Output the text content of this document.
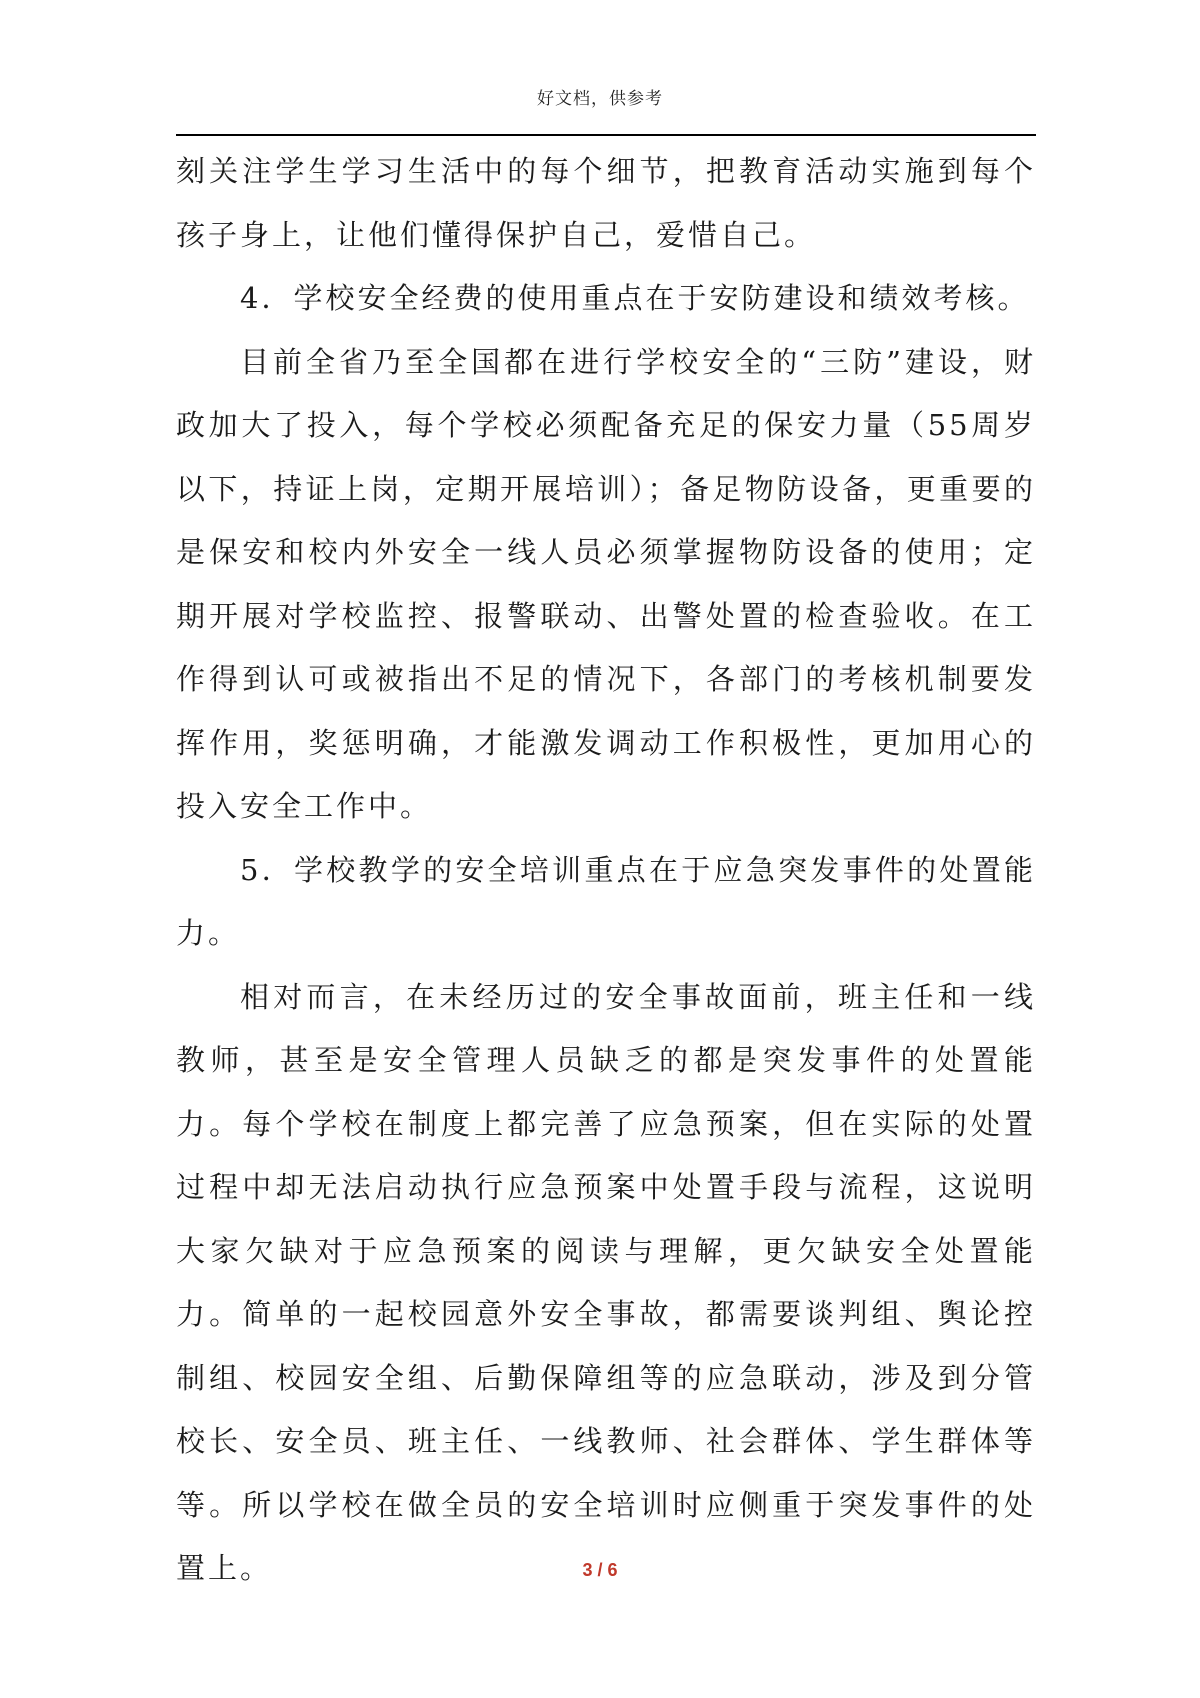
好文档，供参考

刻关注学生学习生活中的每个细节，把教育活动实施到每个孩子身上，让他们懂得保护自己，爱惜自己。

4．学校安全经费的使用重点在于安防建设和绩效考核。

目前全省乃至全国都在进行学校安全的“三防”建设，财政加大了投入，每个学校必须配备充足的保安力量（55周岁以下，持证上岗，定期开展培训）；备足物防设备，更重要的是保安和校内外安全一线人员必须掌握物防设备的使用；定期开展对学校监控、报警联动、出警处置的检查验收。在工作得到认可或被指出不足的情况下，各部门的考核机制要发挥作用，奖惩明确，才能激发调动工作积极性，更加用心的投入安全工作中。

5．学校教学的安全培训重点在于应急突发事件的处置能力。

相对而言，在未经历过的安全事故面前，班主任和一线教师，甚至是安全管理人员缺乏的都是突发事件的处置能力。每个学校在制度上都完善了应急预案，但在实际的处置过程中却无法启动执行应急预案中处置手段与流程，这说明大家欠缺对于应急预案的阅读与理解，更欠缺安全处置能力。简单的一起校园意外安全事故，都需要谈判组、舆论控制组、校园安全组、后勤保障组等的应急联动，涉及到分管校长、安全员、班主任、一线教师、社会群体、学生群体等等。所以学校在做全员的安全培训时应侧重于突发事件的处置上。	3 / 6
